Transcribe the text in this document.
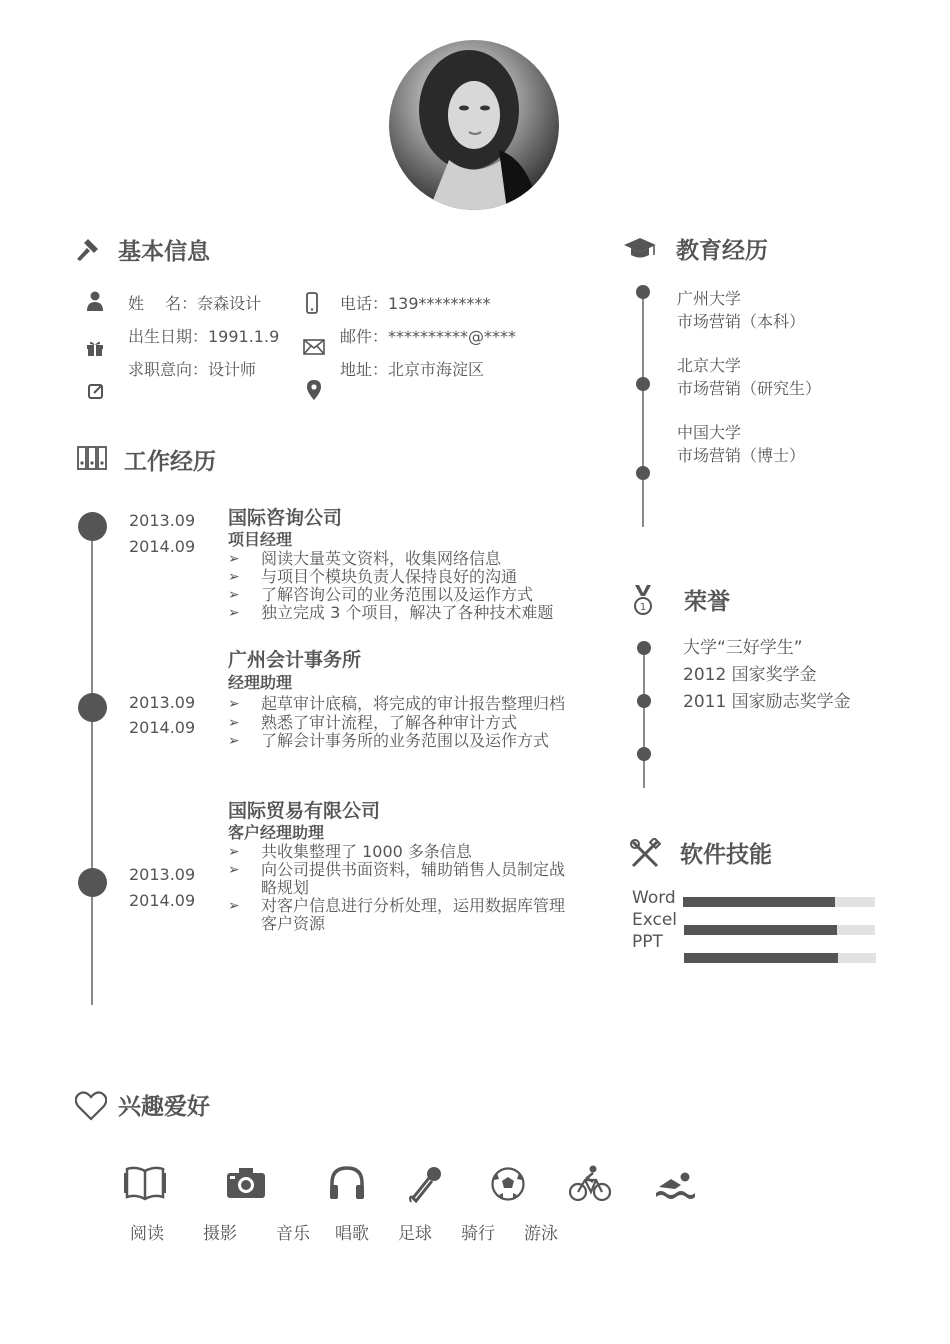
基本信息
姓　 名：奈森设计
出生日期：1991.1.9
求职意向：设计师
电话：139*********
邮件：**********@****
地址：北京市海淀区
教育经历
广州大学
市场营销（本科）
北京大学
市场营销（研究生）
中国大学
市场营销（博士）
工作经历
2013.09
2014.09
国际咨询公司
项目经理
➢ 阅读大量英文资料，收集网络信息
➢ 与项目个模块负责人保持良好的沟通
➢ 了解咨询公司的业务范围以及运作方式
➢ 独立完成 3 个项目，解决了各种技术难题
2013.09
2014.09
广州会计事务所
经理助理
➢ 起草审计底稿，将完成的审计报告整理归档
➢ 熟悉了审计流程，了解各种审计方式
➢ 了解会计事务所的业务范围以及运作方式
2013.09
2014.09
国际贸易有限公司
客户经理助理
➢ 共收集整理了 1000 多条信息
➢ 向公司提供书面资料，辅助销售人员制定战略规划
➢ 对客户信息进行分析处理，运用数据库管理客户资源
1 荣誉
大学“三好学生”
2012 国家奖学金
2011 国家励志奖学金
软件技能
Word
Excel
PPT
兴趣爱好
阅读 摄影 音乐 唱歌 足球 骑行 游泳
